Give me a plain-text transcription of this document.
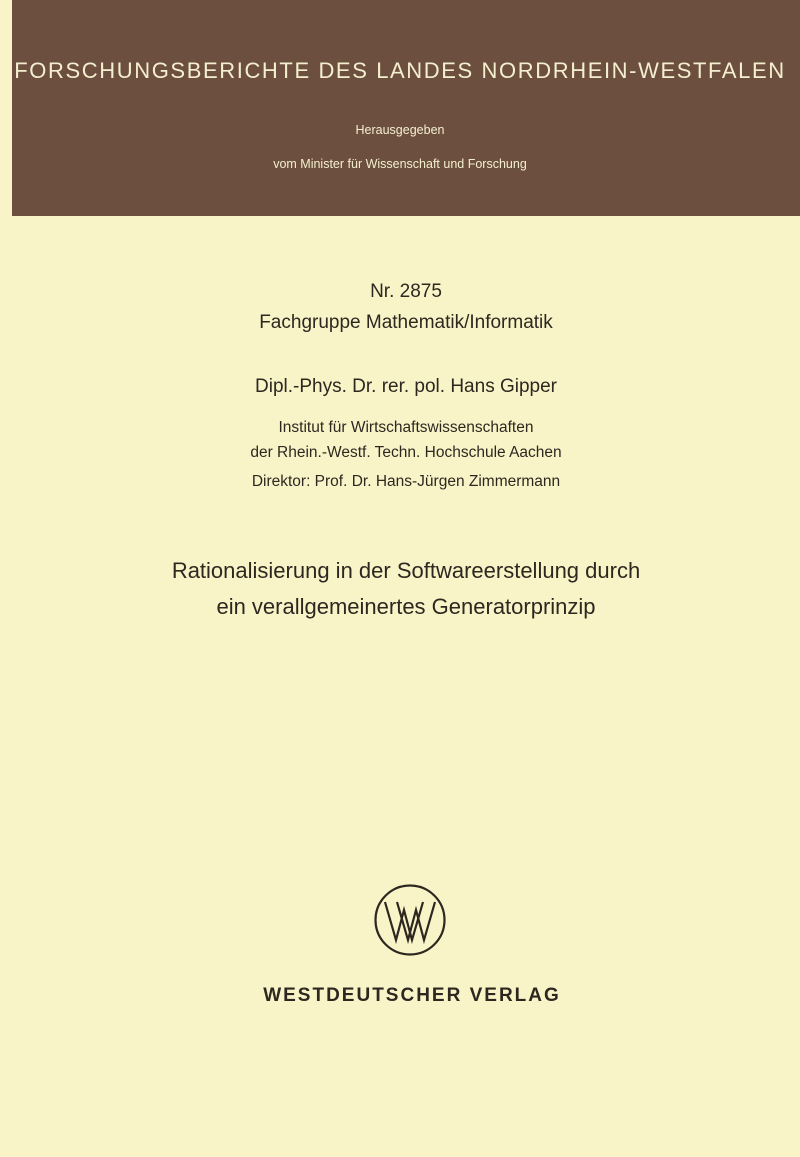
FORSCHUNGSBERICHTE DES LANDES NORDRHEIN-WESTFALEN
Herausgegeben
vom Minister für Wissenschaft und Forschung
Nr. 2875
Fachgruppe Mathematik/Informatik
Dipl.-Phys. Dr. rer. pol. Hans Gipper
Institut für Wirtschaftswissenschaften
der Rhein.-Westf. Techn. Hochschule Aachen
Direktor: Prof. Dr. Hans-Jürgen Zimmermann
Rationalisierung in der Softwareerstellung durch
ein verallgemeinertes Generatorprinzip
WESTDEUTSCHER VERLAG
